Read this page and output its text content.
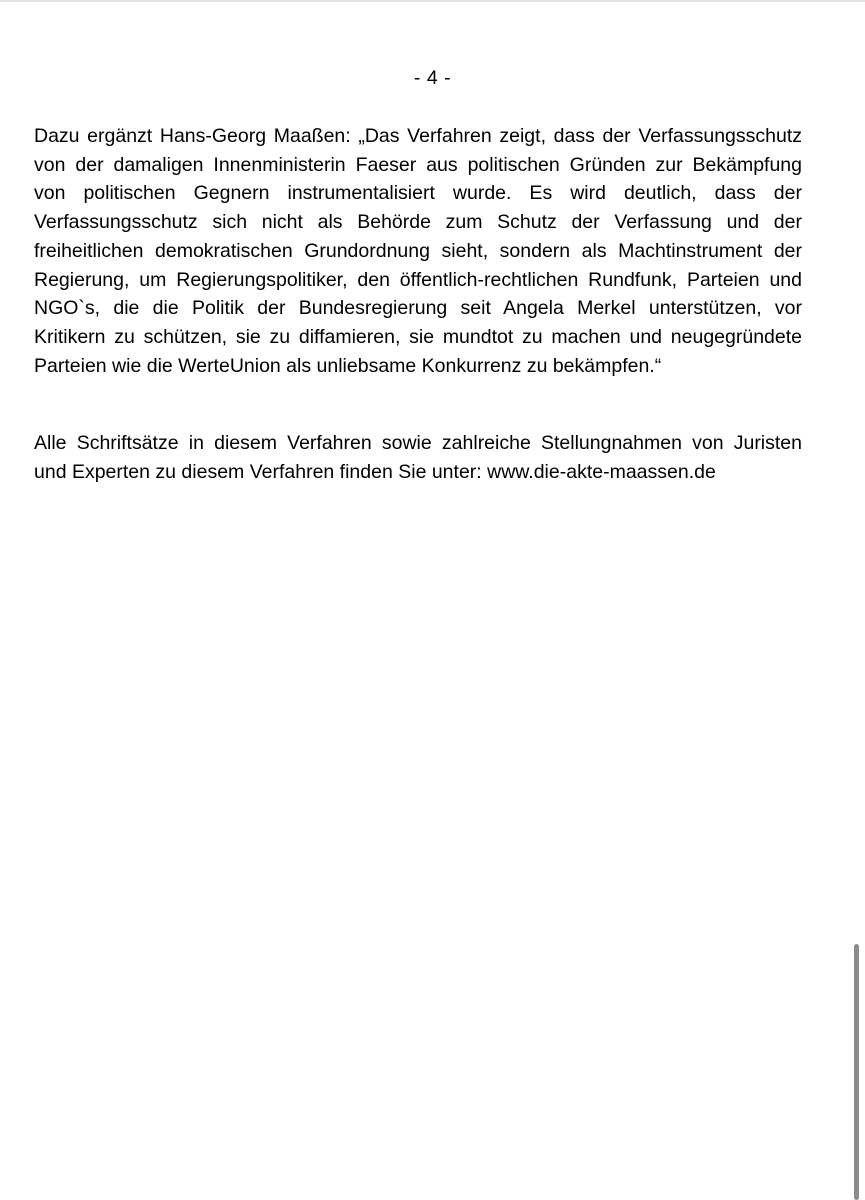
- 4 -
Dazu ergänzt Hans-Georg Maaßen: „Das Verfahren zeigt, dass der Verfassungsschutz
von der damaligen Innenministerin Faeser aus politischen Gründen zur Bekämpfung
von politischen Gegnern instrumentalisiert wurde. Es wird deutlich, dass der
Verfassungsschutz sich nicht als Behörde zum Schutz der Verfassung und der
freiheitlichen demokratischen Grundordnung sieht, sondern als Machtinstrument der
Regierung, um Regierungspolitiker, den öffentlich-rechtlichen Rundfunk, Parteien und
NGO`s, die die Politik der Bundesregierung seit Angela Merkel unterstützen, vor
Kritikern zu schützen, sie zu diffamieren, sie mundtot zu machen und neugegründete
Parteien wie die WerteUnion als unliebsame Konkurrenz zu bekämpfen.“
Alle Schriftsätze in diesem Verfahren sowie zahlreiche Stellungnahmen von Juristen
und Experten zu diesem Verfahren finden Sie unter: www.die-akte-maassen.de
